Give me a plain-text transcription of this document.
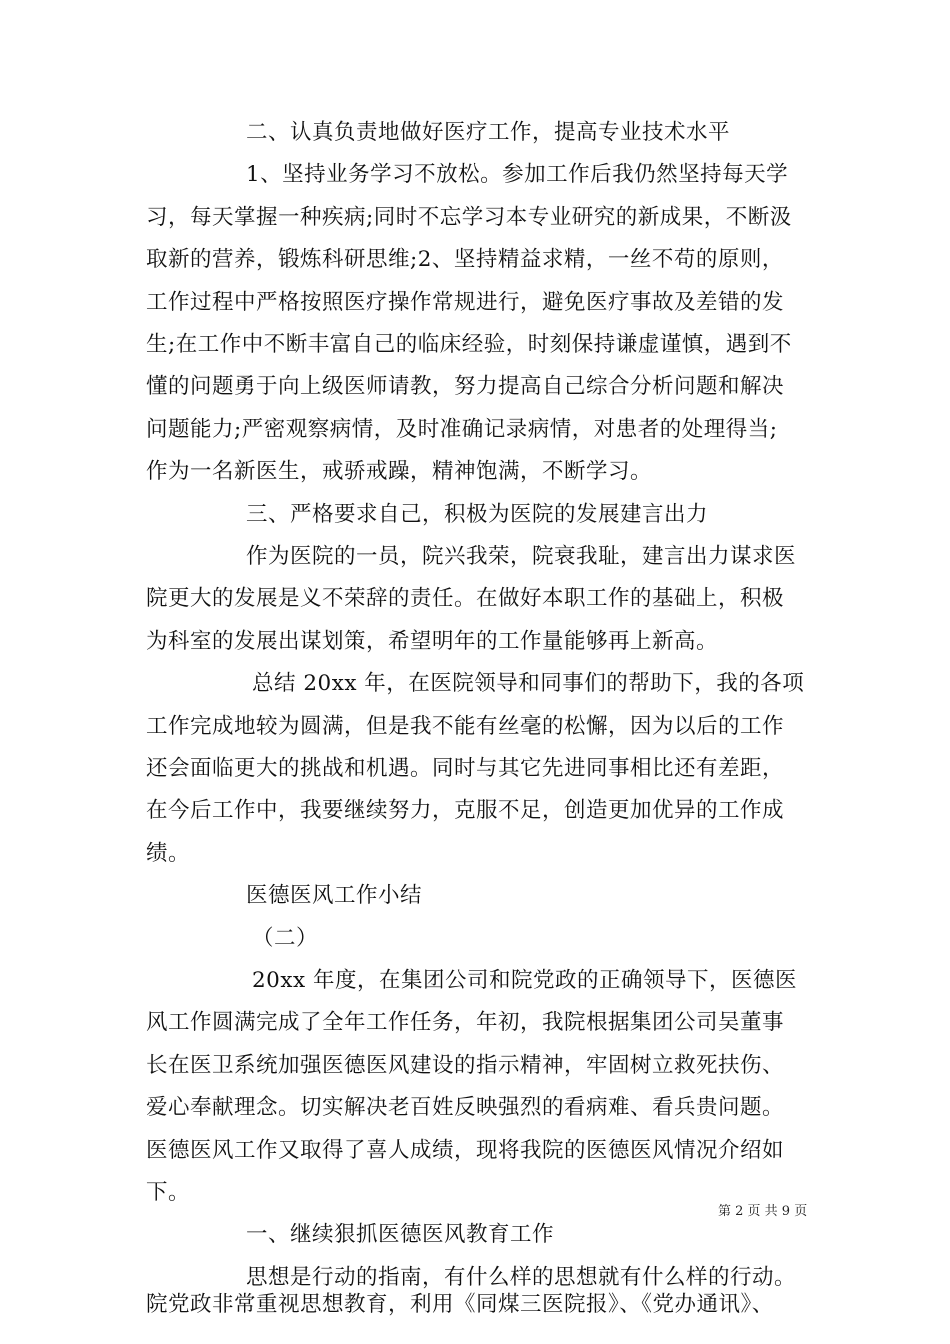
二、认真负责地做好医疗工作，提高专业技术水平
1、坚持业务学习不放松。参加工作后我仍然坚持每天学
习，每天掌握一种疾病;同时不忘学习本专业研究的新成果，不断汲
取新的营养，锻炼科研思维;2、坚持精益求精，一丝不苟的原则，
工作过程中严格按照医疗操作常规进行，避免医疗事故及差错的发
生;在工作中不断丰富自己的临床经验，时刻保持谦虚谨慎，遇到不
懂的问题勇于向上级医师请教，努力提高自己综合分析问题和解决
问题能力;严密观察病情，及时准确记录病情，对患者的处理得当;
作为一名新医生，戒骄戒躁，精神饱满，不断学习。
三、严格要求自己，积极为医院的发展建言出力
作为医院的一员，院兴我荣，院衰我耻，建言出力谋求医
院更大的发展是义不荣辞的责任。在做好本职工作的基础上，积极
为科室的发展出谋划策，希望明年的工作量能够再上新高。
总结 20xx 年，在医院领导和同事们的帮助下，我的各项
工作完成地较为圆满，但是我不能有丝毫的松懈，因为以后的工作
还会面临更大的挑战和机遇。同时与其它先进同事相比还有差距，
在今后工作中，我要继续努力，克服不足，创造更加优异的工作成
绩。
医德医风工作小结
（二）
20xx 年度，在集团公司和院党政的正确领导下，医德医
风工作圆满完成了全年工作任务，年初，我院根据集团公司吴董事
长在医卫系统加强医德医风建设的指示精神，牢固树立救死扶伤、
爱心奉献理念。切实解决老百姓反映强烈的看病难、看兵贵问题。
医德医风工作又取得了喜人成绩，现将我院的医德医风情况介绍如
下。
一、继续狠抓医德医风教育工作
思想是行动的指南，有什么样的思想就有什么样的行动。
院党政非常重视思想教育，利用《同煤三医院报》、《党办通讯》、
第 2 页 共 9 页
